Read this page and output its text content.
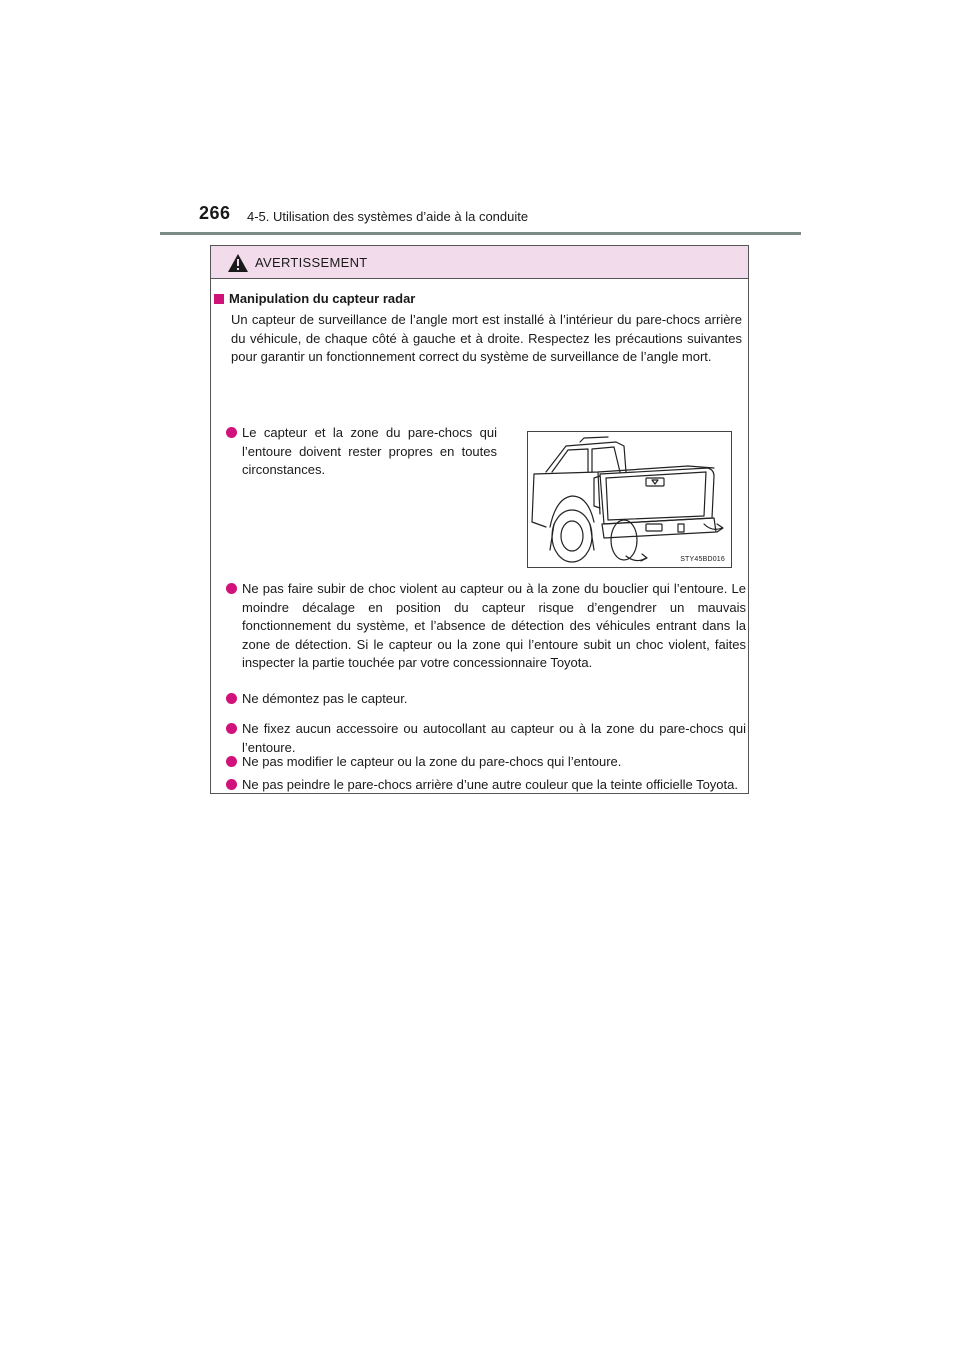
266 4-5. Utilisation des systèmes d’aide à la conduite
AVERTISSEMENT
Manipulation du capteur radar

Un capteur de surveillance de l’angle mort est installé à l’intérieur du pare-chocs arrière du véhicule, de chaque côté à gauche et à droite. Respectez les précautions suivantes pour garantir un fonctionnement correct du système de surveillance de l’angle mort.

Le capteur et la zone du pare-chocs qui l’entoure doivent rester propres en toutes circonstances.
STY45BD016
Ne pas faire subir de choc violent au capteur ou à la zone du bouclier qui l’entoure. Le moindre décalage en position du capteur risque d’engendrer un mauvais fonctionnement du système, et l’absence de détection des véhicules entrant dans la zone de détection. Si le capteur ou la zone qui l’entoure subit un choc violent, faites inspecter la partie touchée par votre concessionnaire Toyota.
Ne démontez pas le capteur.
Ne fixez aucun accessoire ou autocollant au capteur ou à la zone du pare-chocs qui l’entoure.
Ne pas modifier le capteur ou la zone du pare-chocs qui l’entoure.
Ne pas peindre le pare-chocs arrière d’une autre couleur que la teinte officielle Toyota.
